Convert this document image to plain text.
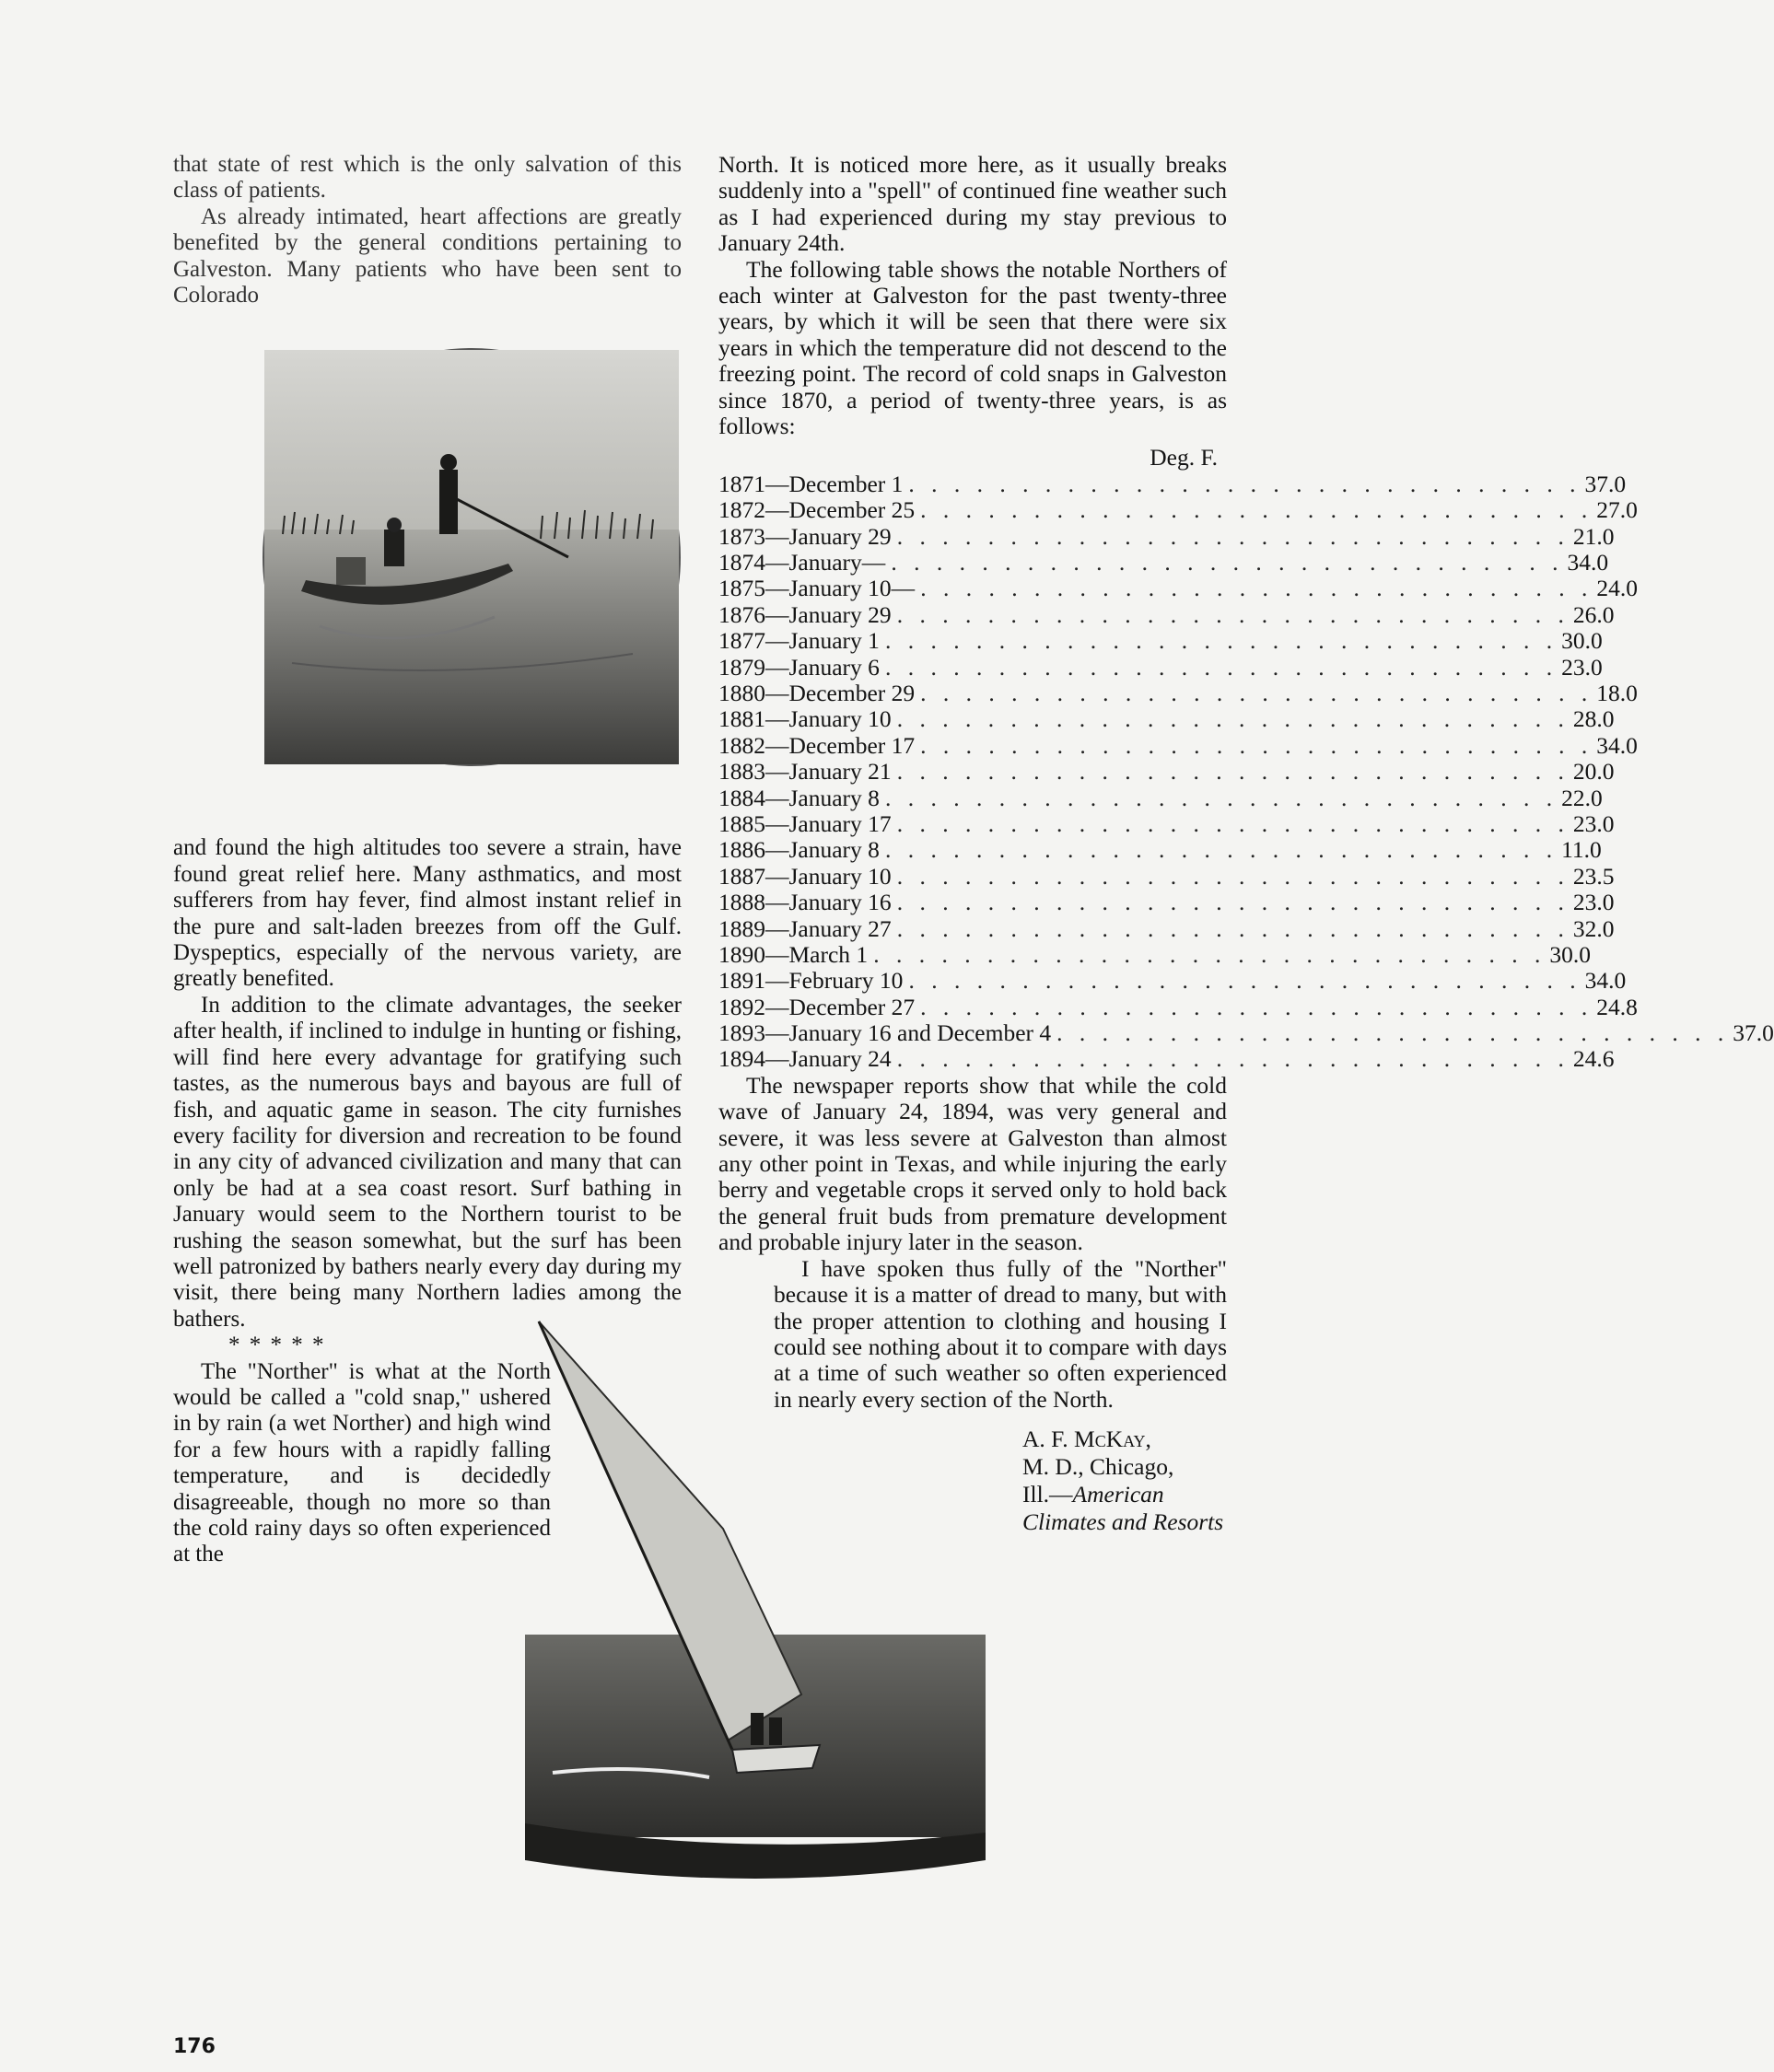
that state of rest which is the only salvation of this class of patients.

As already intimated, heart affections are greatly benefited by the general conditions pertaining to Galveston. Many patients who have been sent to Colorado

and found the high altitudes too severe a strain, have found great relief here. Many asthmatics, and most sufferers from hay fever, find almost instant relief in the pure and salt-laden breezes from off the Gulf. Dyspeptics, especially of the nervous variety, are greatly benefited.

In addition to the climate advantages, the seeker after health, if inclined to indulge in hunting or fishing, will find here every advantage for gratifying such tastes, as the numerous bays and bayous are full of fish, and aquatic game in season. The city furnishes every facility for diversion and recreation to be found in any city of advanced civilization and many that can only be had at a sea coast resort. Surf bathing in January would seem to the Northern tourist to be rushing the season somewhat, but the surf has been well patronized by bathers nearly every day during my visit, there being many Northern ladies among the bathers.

* * * * *

The "Norther" is what at the North would be called a "cold snap," ushered in by rain (a wet Norther) and high wind for a few hours with a rapidly falling temperature, and is decidedly disagreeable, though no more so than the cold rainy days so often experienced at the

North. It is noticed more here, as it usually breaks suddenly into a "spell" of continued fine weather such as I had experienced during my stay previous to January 24th.

The following table shows the notable Northers of each winter at Galveston for the past twenty-three years, by which it will be seen that there were six years in which the temperature did not descend to the freezing point. The record of cold snaps in Galveston since 1870, a period of twenty-three years, is as follows:

Deg. F.
1871—December 1 . . . . . . . . . . . . . . . . . . . . . . . . . . . . . . 37.0
1872—December 25 . . . . . . . . . . . . . . . . . . . . . . . . . . . . . . 27.0
1873—January 29 . . . . . . . . . . . . . . . . . . . . . . . . . . . . . . 21.0
1874—January— . . . . . . . . . . . . . . . . . . . . . . . . . . . . . . 34.0
1875—January 10— . . . . . . . . . . . . . . . . . . . . . . . . . . . . . . 24.0
1876—January 29 . . . . . . . . . . . . . . . . . . . . . . . . . . . . . . 26.0
1877—January 1 . . . . . . . . . . . . . . . . . . . . . . . . . . . . . . 30.0
1879—January 6 . . . . . . . . . . . . . . . . . . . . . . . . . . . . . . 23.0
1880—December 29 . . . . . . . . . . . . . . . . . . . . . . . . . . . . . . 18.0
1881—January 10 . . . . . . . . . . . . . . . . . . . . . . . . . . . . . . 28.0
1882—December 17 . . . . . . . . . . . . . . . . . . . . . . . . . . . . . . 34.0
1883—January 21 . . . . . . . . . . . . . . . . . . . . . . . . . . . . . . 20.0
1884—January 8 . . . . . . . . . . . . . . . . . . . . . . . . . . . . . . 22.0
1885—January 17 . . . . . . . . . . . . . . . . . . . . . . . . . . . . . . 23.0
1886—January 8 . . . . . . . . . . . . . . . . . . . . . . . . . . . . . . 11.0
1887—January 10 . . . . . . . . . . . . . . . . . . . . . . . . . . . . . . 23.5
1888—January 16 . . . . . . . . . . . . . . . . . . . . . . . . . . . . . . 23.0
1889—January 27 . . . . . . . . . . . . . . . . . . . . . . . . . . . . . . 32.0
1890—March 1 . . . . . . . . . . . . . . . . . . . . . . . . . . . . . . 30.0
1891—February 10 . . . . . . . . . . . . . . . . . . . . . . . . . . . . . . 34.0
1892—December 27 . . . . . . . . . . . . . . . . . . . . . . . . . . . . . . 24.8
1893—January 16 and December 4 . . . . . . . . . . . . . . . . . . . . . . . . . . . . . . 37.0
1894—January 24 . . . . . . . . . . . . . . . . . . . . . . . . . . . . . . 24.6

The newspaper reports show that while the cold wave of January 24, 1894, was very general and severe, it was less severe at Galveston than almost any other point in Texas, and while injuring the early berry and vegetable crops it served only to hold back the general fruit buds from premature development and probable injury later in the season.

I have spoken thus fully of the "Norther" because it is a matter of dread to many, but with the proper attention to clothing and housing I could see nothing about it to compare with days at a time of such weather so often experienced in nearly every section of the North.

A. F. McKay,
M. D., Chicago,
Ill.—American Climates and Resorts
176
